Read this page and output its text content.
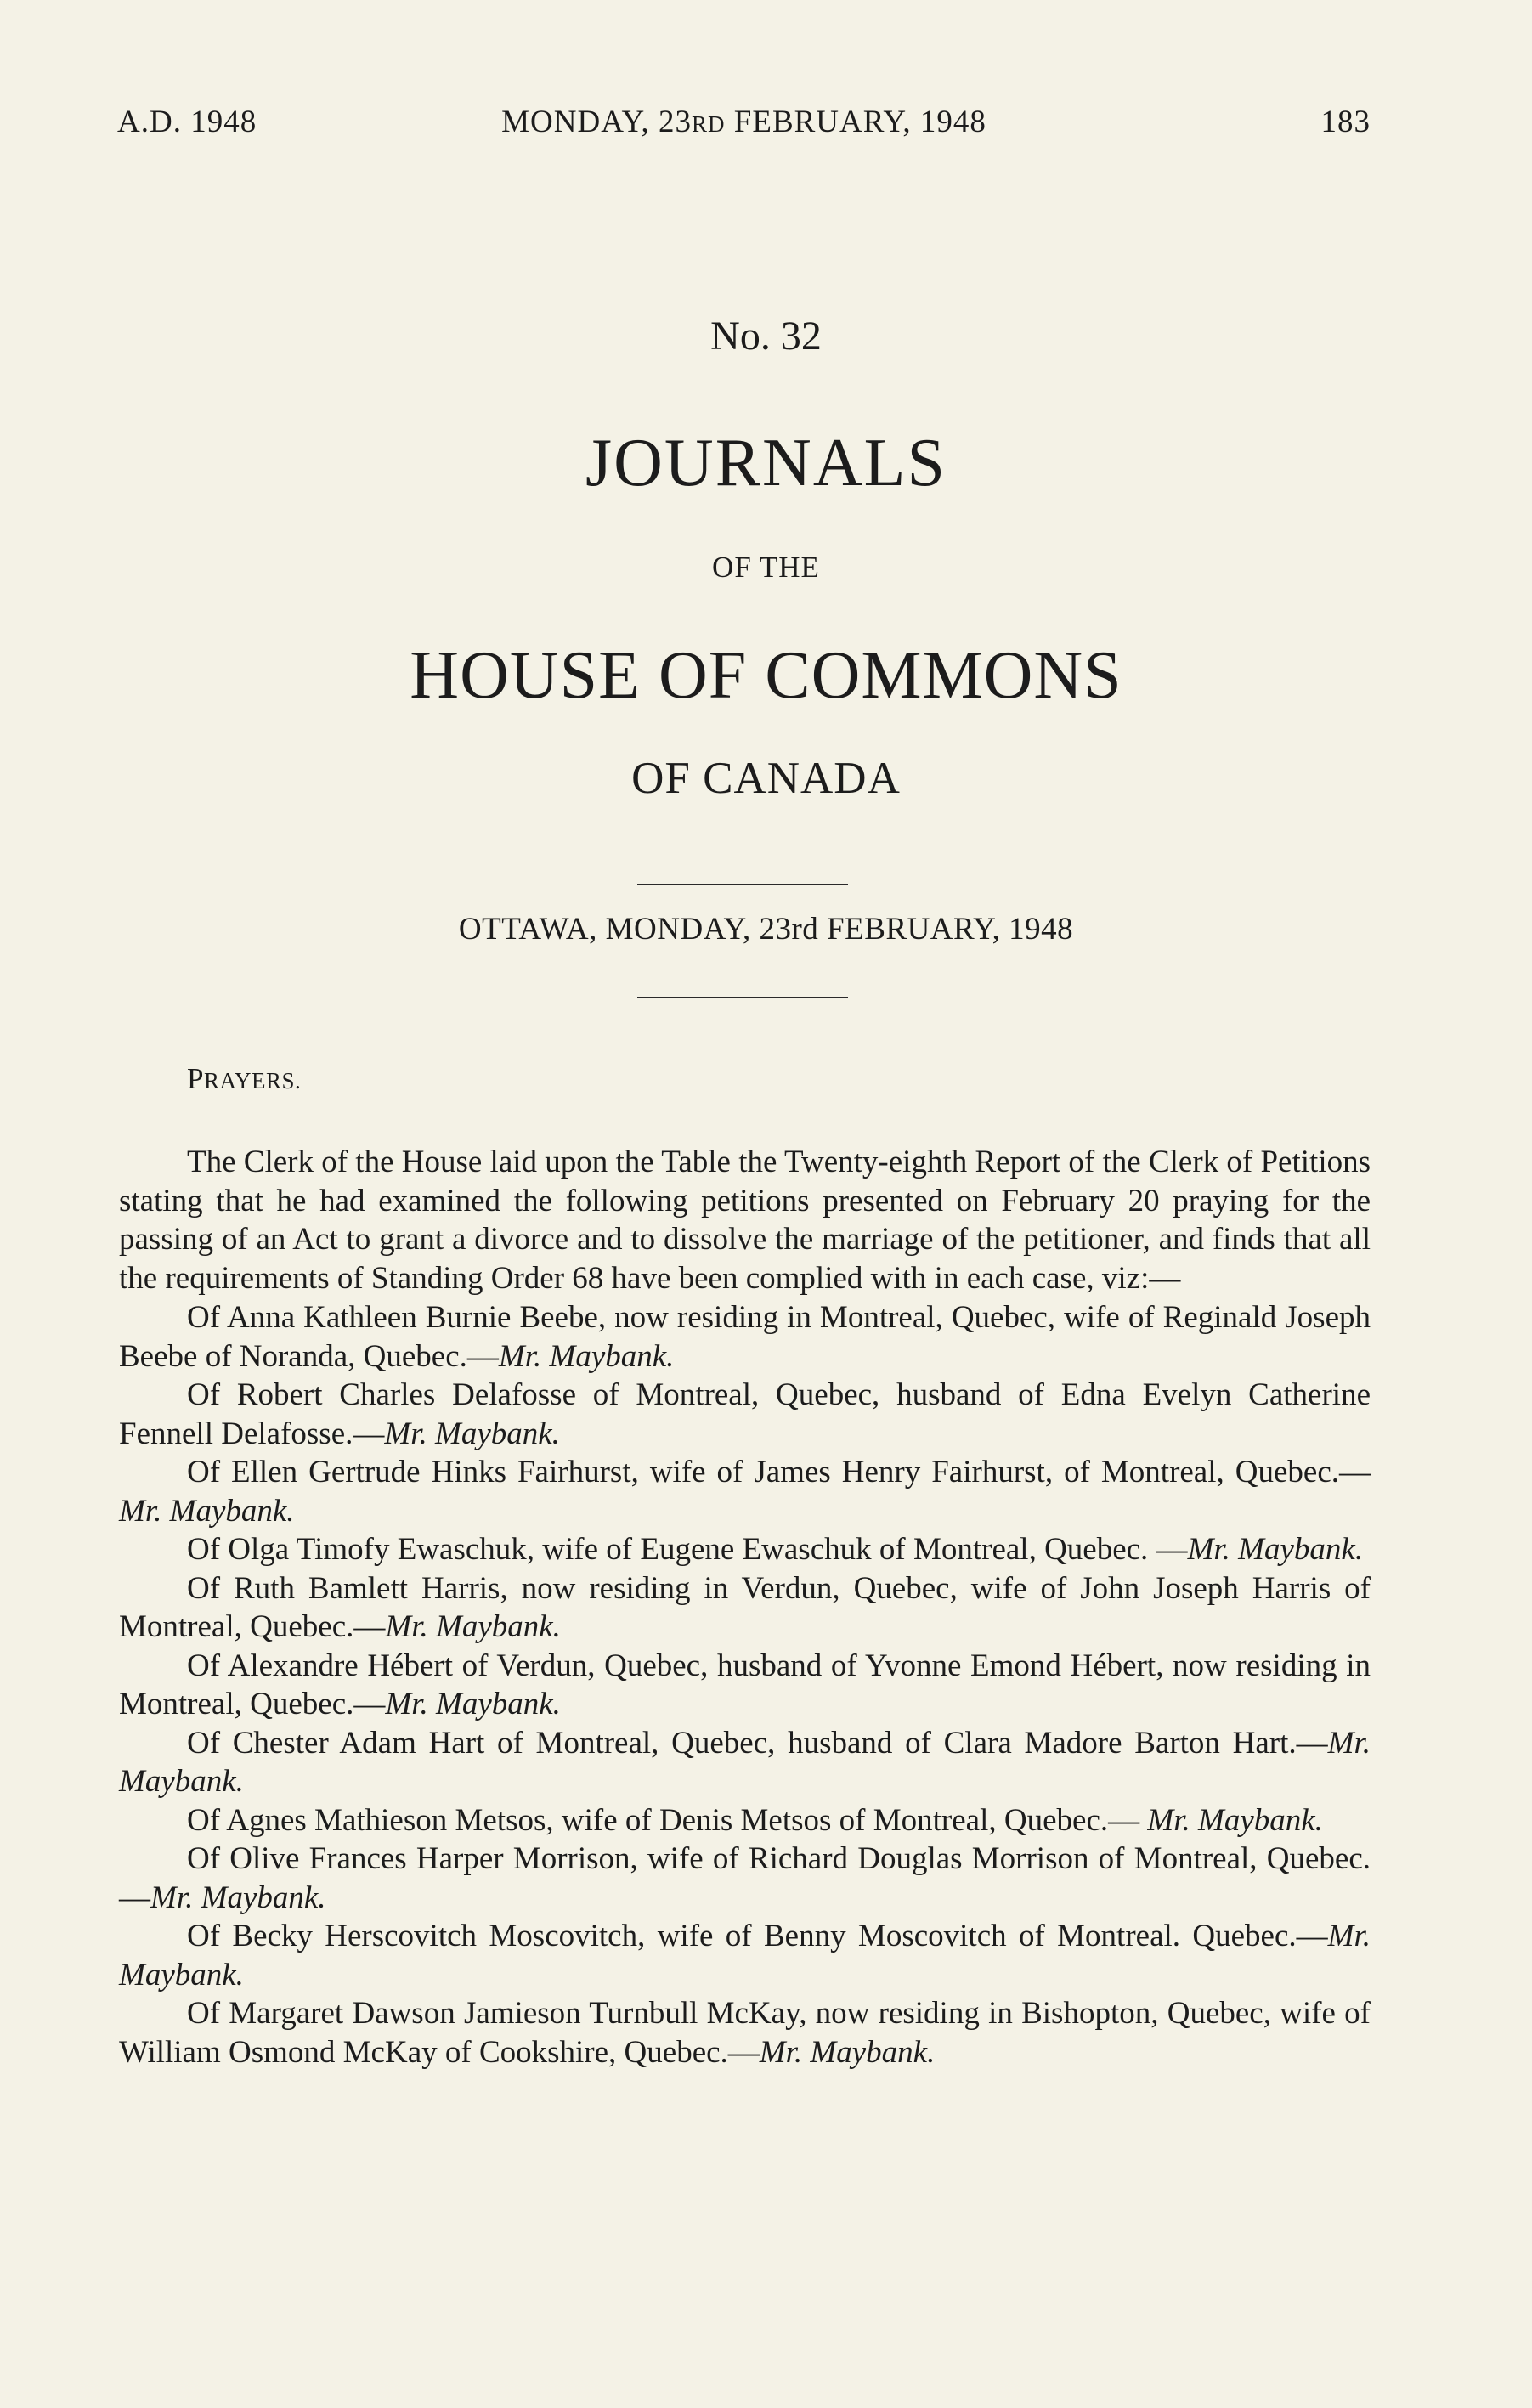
A.D. 1948	MONDAY, 23RD FEBRUARY, 1948	183
No. 32
JOURNALS
OF THE
HOUSE OF COMMONS
OF CANADA
OTTAWA, MONDAY, 23rd FEBRUARY, 1948
PRAYERS.

The Clerk of the House laid upon the Table the Twenty-eighth Report of the Clerk of Petitions stating that he had examined the following petitions presented on February 20 praying for the passing of an Act to grant a divorce and to dissolve the marriage of the petitioner, and finds that all the requirements of Standing Order 68 have been complied with in each case, viz:—

Of Anna Kathleen Burnie Beebe, now residing in Montreal, Quebec, wife of Reginald Joseph Beebe of Noranda, Quebec.—Mr. Maybank.

Of Robert Charles Delafosse of Montreal, Quebec, husband of Edna Evelyn Catherine Fennell Delafosse.—Mr. Maybank.

Of Ellen Gertrude Hinks Fairhurst, wife of James Henry Fairhurst, of Montreal, Quebec.—Mr. Maybank.

Of Olga Timofy Ewaschuk, wife of Eugene Ewaschuk of Montreal, Quebec. —Mr. Maybank.

Of Ruth Bamlett Harris, now residing in Verdun, Quebec, wife of John Joseph Harris of Montreal, Quebec.—Mr. Maybank.

Of Alexandre Hébert of Verdun, Quebec, husband of Yvonne Emond Hébert, now residing in Montreal, Quebec.—Mr. Maybank.

Of Chester Adam Hart of Montreal, Quebec, husband of Clara Madore Barton Hart.—Mr. Maybank.

Of Agnes Mathieson Metsos, wife of Denis Metsos of Montreal, Quebec.— Mr. Maybank.

Of Olive Frances Harper Morrison, wife of Richard Douglas Morrison of Montreal, Quebec.—Mr. Maybank.

Of Becky Herscovitch Moscovitch, wife of Benny Moscovitch of Montreal. Quebec.—Mr. Maybank.

Of Margaret Dawson Jamieson Turnbull McKay, now residing in Bishopton, Quebec, wife of William Osmond McKay of Cookshire, Quebec.—Mr. Maybank.
